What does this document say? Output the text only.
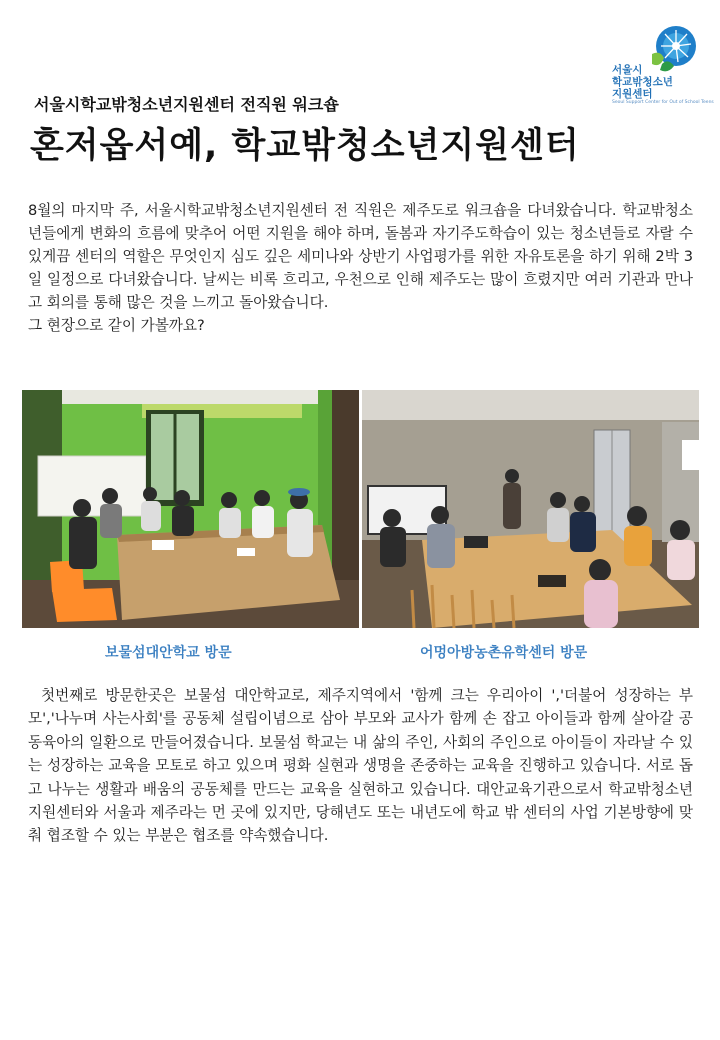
서울시
학교밖청소년
지원센터
Seoul Support Center for Out of School Teens
서울시학교밖청소년지원센터 전직원 워크숍
혼저옵서예, 학교밖청소년지원센터

8월의 마지막 주, 서울시학교밖청소년지원센터 전 직원은 제주도로 워크숍을 다녀왔습니다. 학교밖청소년들에게 변화의 흐름에 맞추어 어떤 지원을 해야 하며, 돌봄과 자기주도학습이 있는 청소년들로 자랄 수 있게끔 센터의 역할은 무엇인지 심도 깊은 세미나와 상반기 사업평가를 위한 자유토론을 하기 위해 2박 3일 일정으로 다녀왔습니다. 날씨는 비록 흐리고, 우천으로 인해 제주도는 많이 흐렸지만 여러 기관과 만나고 회의를 통해 많은 것을 느끼고 돌아왔습니다.

그 현장으로 같이 가볼까요?

보물섬대안학교 방문	어멍아방농촌유학센터 방문

첫번째로 방문한곳은 보물섬 대안학교로, 제주지역에서 '함께 크는 우리아이 ','더불어 성장하는 부모','나누며 사는사회'를 공동체 설립이념으로 삼아 부모와 교사가 함께 손 잡고 아이들과 함께 살아갈 공동육아의 일환으로 만들어졌습니다. 보물섬 학교는 내 삶의 주인, 사회의 주인으로 아이들이 자라날 수 있는 성장하는 교육을 모토로 하고 있으며 평화 실현과 생명을 존중하는 교육을 진행하고 있습니다. 서로 돕고 나누는 생활과 배움의 공동체를 만드는 교육을 실현하고 있습니다. 대안교육기관으로서 학교밖청소년지원센터와 서울과 제주라는 먼 곳에 있지만, 당해년도 또는 내년도에 학교 밖 센터의 사업 기본방향에 맞춰 협조할 수 있는 부분은 협조를 약속했습니다.
